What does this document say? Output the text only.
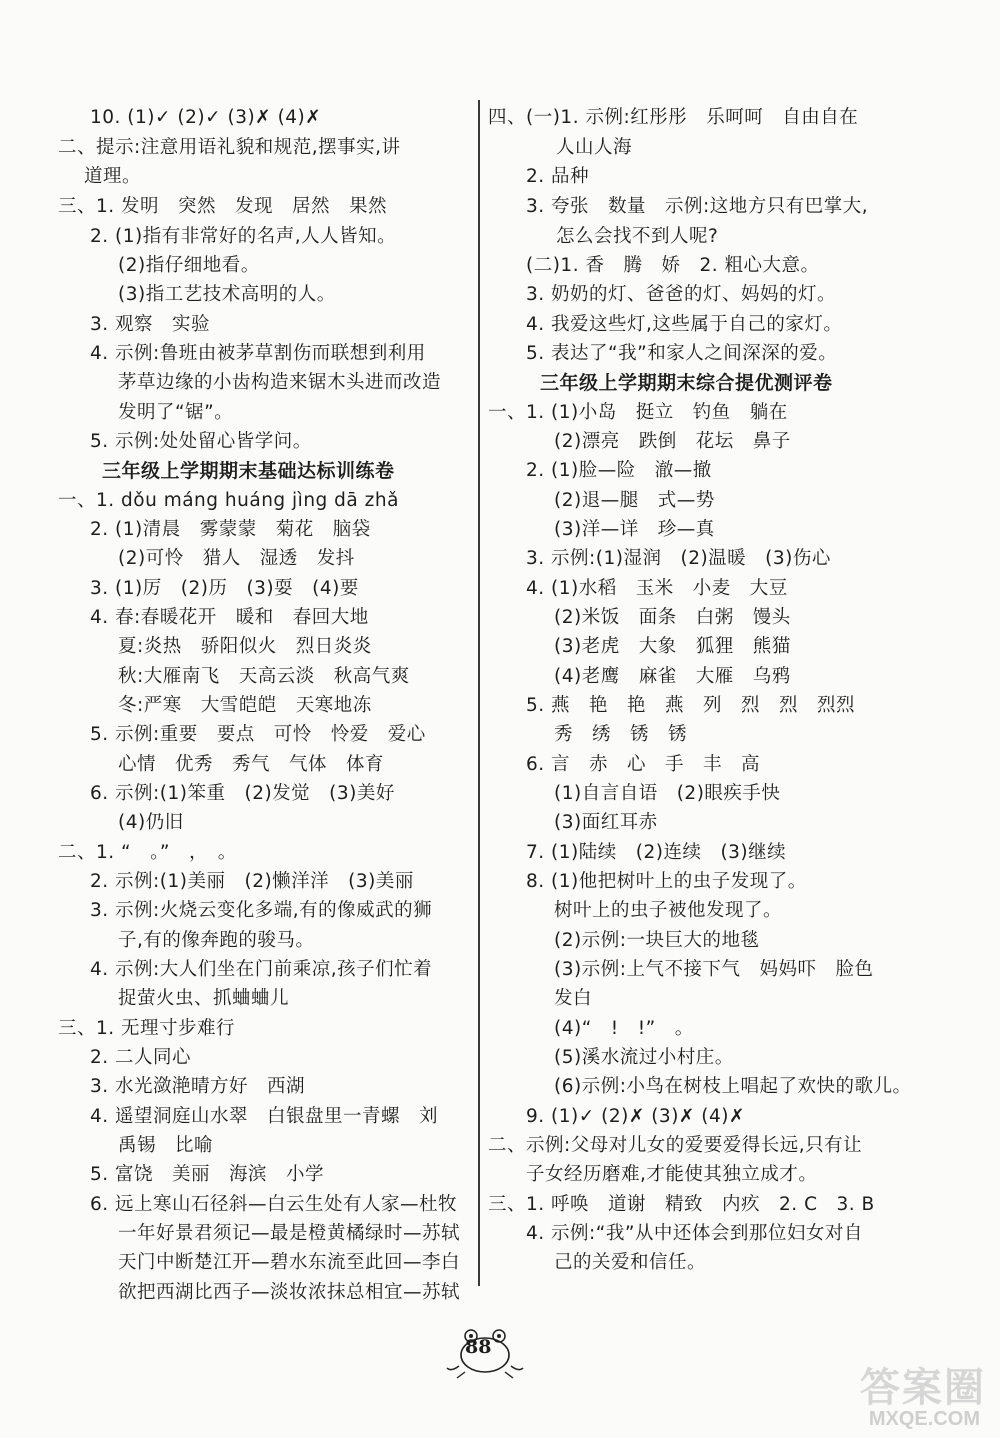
10. (1)✓ (2)✓ (3)✗ (4)✗
二、提示:注意用语礼貌和规范,摆事实,讲
道理。
三、1. 发明　突然　发现　居然　果然
2. (1)指有非常好的名声,人人皆知。
(2)指仔细地看。
(3)指工艺技术高明的人。
3. 观察　实验
4. 示例:鲁班由被茅草割伤而联想到利用
茅草边缘的小齿构造来锯木头进而改造
发明了“锯”。
5. 示例:处处留心皆学问。
三年级上学期期末基础达标训练卷
一、1. dǒu máng huáng jìng dā zhǎ
2. (1)清晨　雾蒙蒙　菊花　脑袋
(2)可怜　猎人　湿透　发抖
3. (1)厉　(2)历　(3)耍　(4)要
4. 春:春暖花开　暖和　春回大地
夏:炎热　骄阳似火　烈日炎炎
秋:大雁南飞　天高云淡　秋高气爽
冬:严寒　大雪皑皑　天寒地冻
5. 示例:重要　要点　可怜　怜爱　爱心
心情　优秀　秀气　气体　体育
6. 示例:(1)笨重　(2)发觉　(3)美好
(4)仍旧
二、1. “　。”　，　。
2. 示例:(1)美丽　(2)懒洋洋　(3)美丽
3. 示例:火烧云变化多端,有的像威武的狮
子,有的像奔跑的骏马。
4. 示例:大人们坐在门前乘凉,孩子们忙着
捉萤火虫、抓蛐蛐儿
三、1. 无理寸步难行
2. 二人同心
3. 水光潋滟晴方好　西湖
4. 遥望洞庭山水翠　白银盘里一青螺　刘
禹锡　比喻
5. 富饶　美丽　海滨　小学
6. 远上寒山石径斜—白云生处有人家—杜牧
一年好景君须记—最是橙黄橘绿时—苏轼
天门中断楚江开—碧水东流至此回—李白
欲把西湖比西子—淡妆浓抹总相宜—苏轼
四、(一)1. 示例:红彤彤　乐呵呵　自由自在
人山人海
2. 品种
3. 夸张　数量　示例:这地方只有巴掌大,
怎么会找不到人呢?
(二)1. 香　腾　娇　2. 粗心大意。
3. 奶奶的灯、爸爸的灯、妈妈的灯。
4. 我爱这些灯,这些属于自己的家灯。
5. 表达了“我”和家人之间深深的爱。
三年级上学期期末综合提优测评卷
一、1. (1)小岛　挺立　钓鱼　躺在
(2)漂亮　跌倒　花坛　鼻子
2. (1)脸—险　澈—撤
(2)退—腿　式—势
(3)洋—详　珍—真
3. 示例:(1)湿润　(2)温暖　(3)伤心
4. (1)水稻　玉米　小麦　大豆
(2)米饭　面条　白粥　馒头
(3)老虎　大象　狐狸　熊猫
(4)老鹰　麻雀　大雁　乌鸦
5. 燕　艳　艳　燕　列　烈　烈　烈烈
秀　绣　锈　锈
6. 言　赤　心　手　丰　高
(1)自言自语　(2)眼疾手快
(3)面红耳赤
7. (1)陆续　(2)连续　(3)继续
8. (1)他把树叶上的虫子发现了。
树叶上的虫子被他发现了。
(2)示例:一块巨大的地毯
(3)示例:上气不接下气　妈妈吓　脸色
发白
(4)“　!　!”　。
(5)溪水流过小村庄。
(6)示例:小鸟在树枝上唱起了欢快的歌儿。
9. (1)✓ (2)✗ (3)✗ (4)✗
二、示例:父母对儿女的爱要爱得长远,只有让
子女经历磨难,才能使其独立成才。
三、1. 呼唤　道谢　精致　内疚　2. C　3. B
4. 示例:“我”从中还体会到那位妇女对自
己的关爱和信任。
88
答案圈
MXQE.COM
